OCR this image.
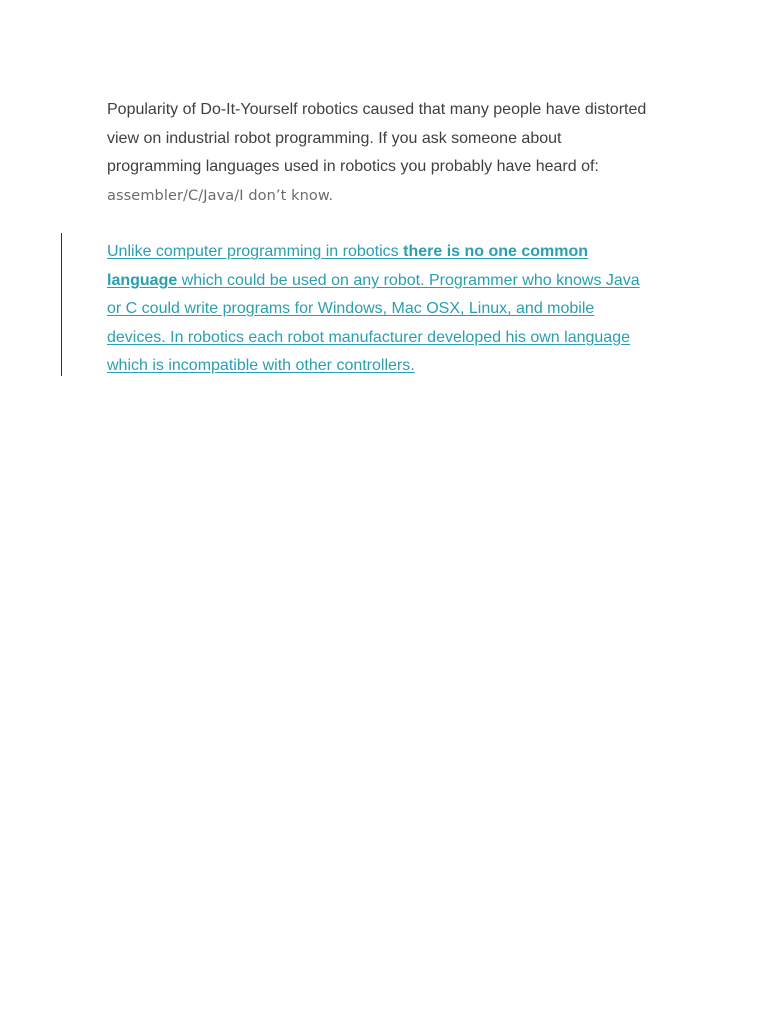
Popularity of Do-It-Yourself robotics caused that many people have distorted
view on industrial robot programming. If you ask someone about
programming languages used in robotics you probably have heard of:
assembler/C/Java/I don’t know.

Unlike computer programming in robotics there is no one common
language which could be used on any robot. Programmer who knows Java
or C could write programs for Windows, Mac OSX, Linux, and mobile
devices. In robotics each robot manufacturer developed his own language
which is incompatible with other controllers.
